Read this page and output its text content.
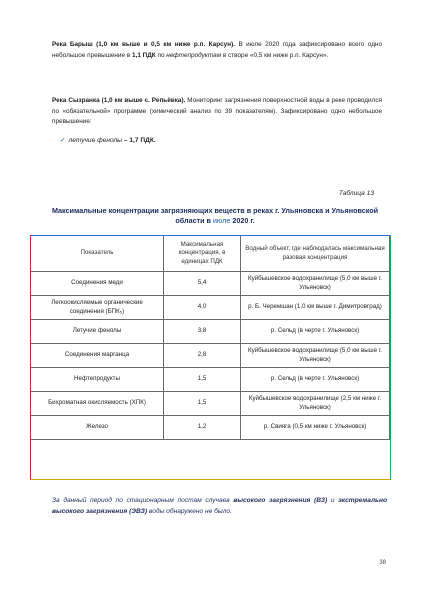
Река Барыш (1,0 км выше и 0,5 км ниже р.п. Карсун). В июле 2020 года зафиксировано всего одно небольшое превышение в 1,1 ПДК по нефтепродуктам в створе «0,5 км ниже р.п. Карсун».

Река Сызранка (1,0 км выше с. Репьёвка). Мониторинг загрязнения поверхностной воды в реке проводился по «обязательной» программе (химический анализ по 39 показателям). Зафиксировано одно небольшое превышение:

✓ летучие фенолы – 1,7 ПДК.
Таблица 13
Максимальные концентрации загрязняющих веществ в реках г. Ульяновска и Ульяновской области в июле 2020 г.
Показатель	Максимальная концентрация, в единицах ПДК	Водный объект, где наблюдалась максимальная разовая концентрация
Соединения меди	5,4	Куйбышевское водохранилище (5,0 км выше г. Ульяновск)
Легкоокисляемые органические соединения (БПК₅)	4,0	р. Б. Черемшан (1,0 км выше г. Димитровград)
Летучие фенолы	3,8	р. Сельд (в черте г. Ульяновск)
Соединения марганца	2,8	Куйбышевское водохранилище (5,0 км выше г. Ульяновск)
Нефтепродукты	1,5	р. Сельд (в черте г. Ульяновск)
Бихроматная окисляемость (ХПК)	1,5	Куйбышевское водохранилище (2,5 км ниже г. Ульяновск)
Железо	1,2	р. Свияга (0,5 км ниже г. Ульяновск)

За данный период по стационарным постам случаев высокого загрязнения (ВЗ) и экстремально высокого загрязнения (ЭВЗ) воды обнаружено не было.

38
